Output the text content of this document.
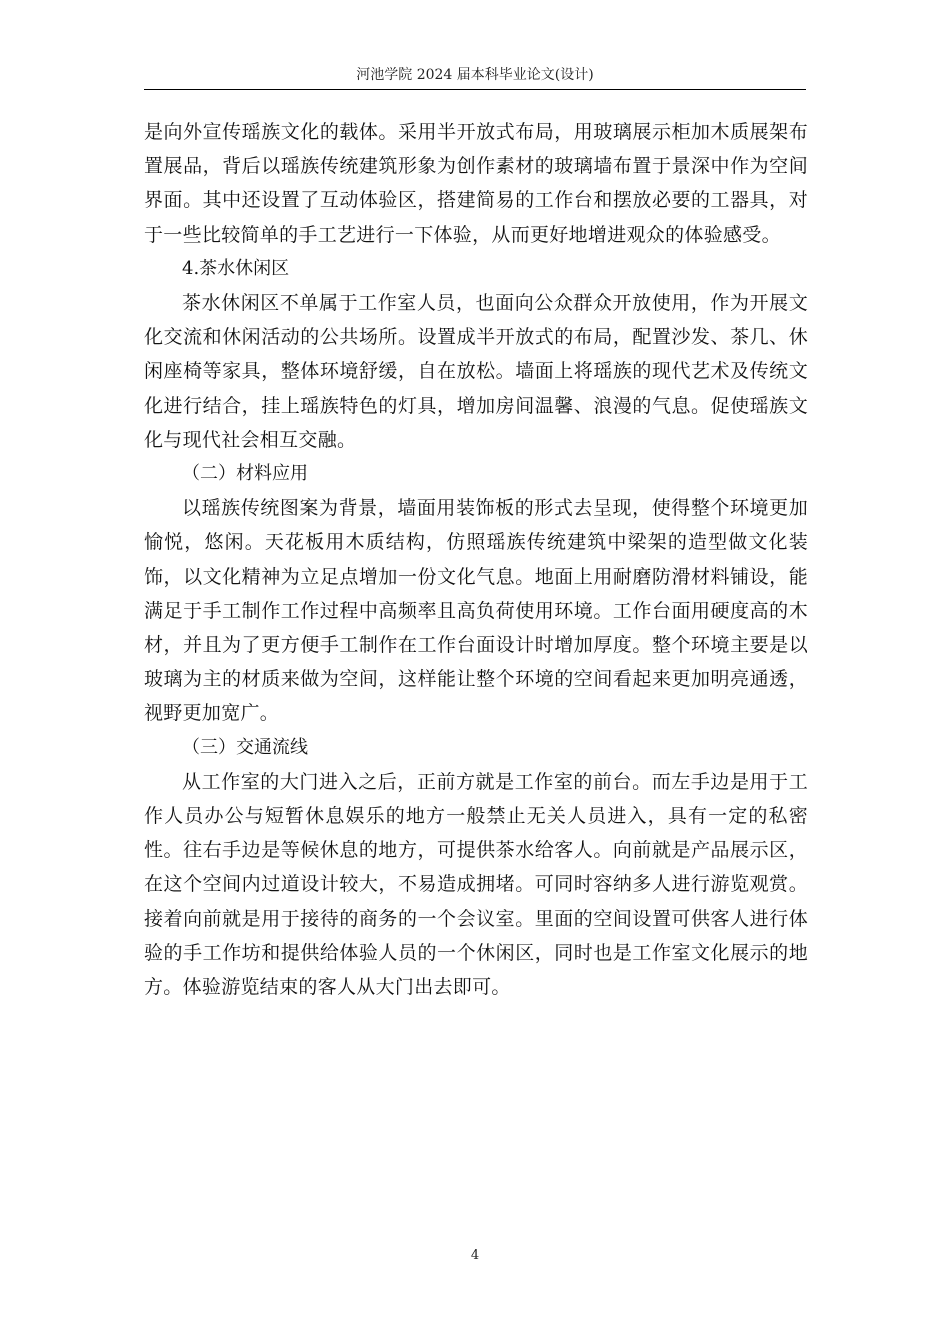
河池学院 2024 届本科毕业论文(设计)

是向外宣传瑶族文化的载体。采用半开放式布局，用玻璃展示柜加木质展架布置展品，背后以瑶族传统建筑形象为创作素材的玻璃墙布置于景深中作为空间界面。其中还设置了互动体验区，搭建简易的工作台和摆放必要的工器具，对于一些比较简单的手工艺进行一下体验，从而更好地增进观众的体验感受。

4.茶水休闲区

茶水休闲区不单属于工作室人员，也面向公众群众开放使用，作为开展文化交流和休闲活动的公共场所。设置成半开放式的布局，配置沙发、茶几、休闲座椅等家具，整体环境舒缓，自在放松。墙面上将瑶族的现代艺术及传统文化进行结合，挂上瑶族特色的灯具，增加房间温馨、浪漫的气息。促使瑶族文化与现代社会相互交融。

（二）材料应用

以瑶族传统图案为背景，墙面用装饰板的形式去呈现，使得整个环境更加愉悦，悠闲。天花板用木质结构，仿照瑶族传统建筑中梁架的造型做文化装饰，以文化精神为立足点增加一份文化气息。地面上用耐磨防滑材料铺设，能满足于手工制作工作过程中高频率且高负荷使用环境。工作台面用硬度高的木材，并且为了更方便手工制作在工作台面设计时增加厚度。整个环境主要是以玻璃为主的材质来做为空间，这样能让整个环境的空间看起来更加明亮通透，视野更加宽广。

（三）交通流线

从工作室的大门进入之后，正前方就是工作室的前台。而左手边是用于工作人员办公与短暂休息娱乐的地方一般禁止无关人员进入，具有一定的私密性。往右手边是等候休息的地方，可提供茶水给客人。向前就是产品展示区，在这个空间内过道设计较大，不易造成拥堵。可同时容纳多人进行游览观赏。接着向前就是用于接待的商务的一个会议室。里面的空间设置可供客人进行体验的手工作坊和提供给体验人员的一个休闲区，同时也是工作室文化展示的地方。体验游览结束的客人从大门出去即可。

4
